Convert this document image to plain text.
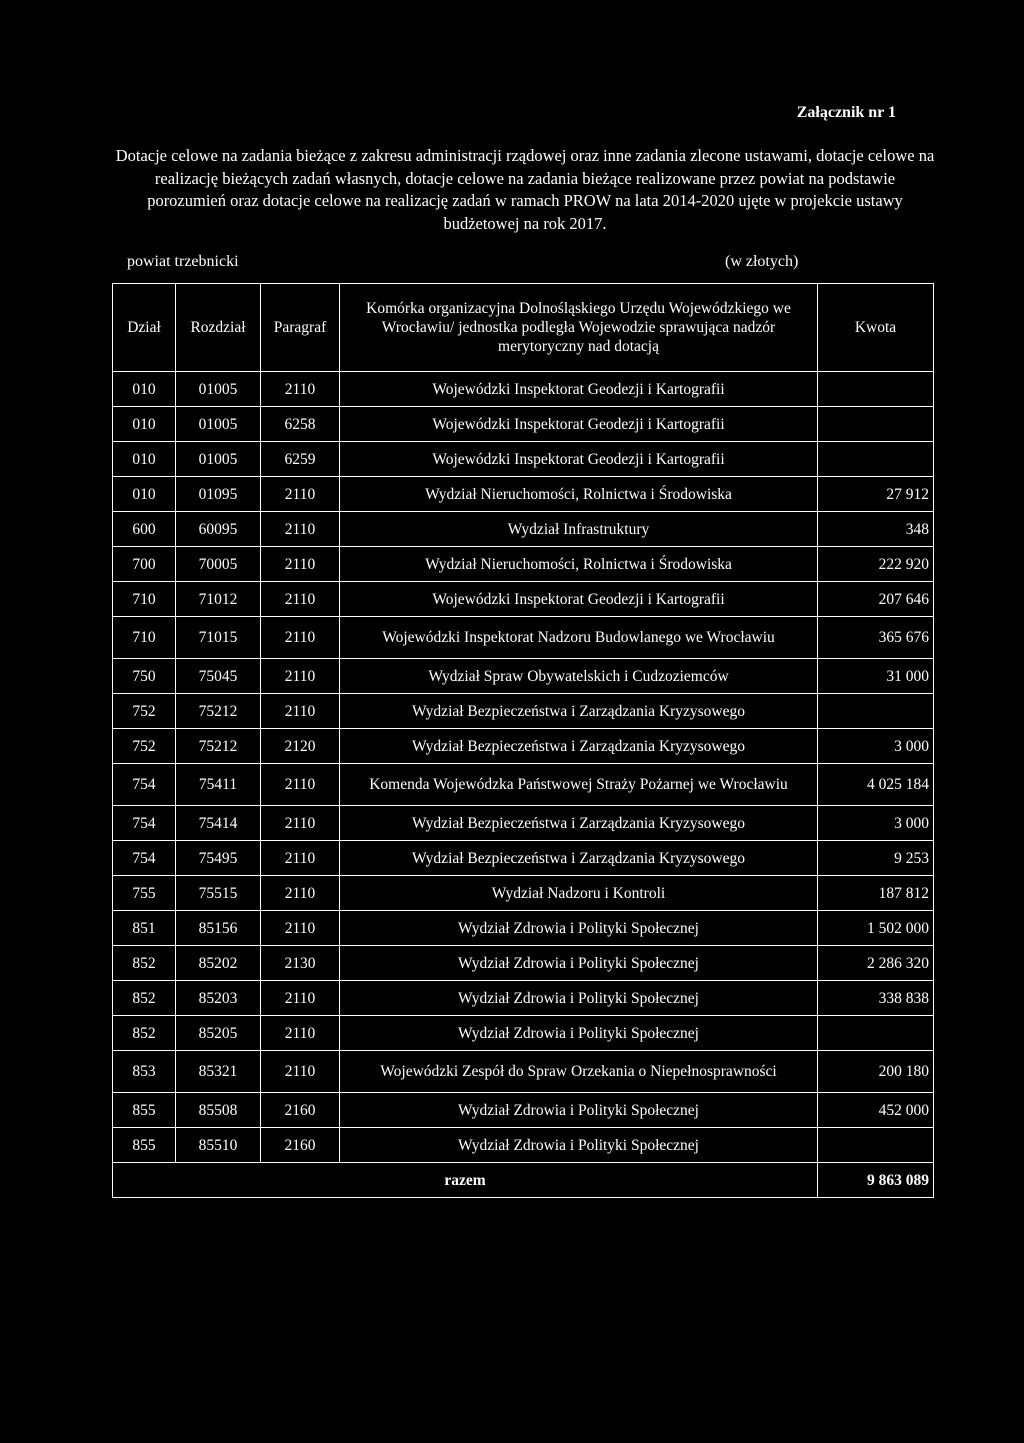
Załącznik nr 1

Dotacje celowe na zadania bieżące z zakresu administracji rządowej oraz inne zadania zlecone ustawami, dotacje celowe na realizację bieżących zadań własnych, dotacje celowe na zadania bieżące realizowane przez powiat na podstawie porozumień oraz dotacje celowe na realizację zadań w ramach PROW na lata 2014-2020 ujęte w projekcie ustawy budżetowej na rok 2017.

powiat trzebnicki	(w złotych)
Dział	Rozdział	Paragraf	Komórka organizacyjna Dolnośląskiego Urzędu Wojewódzkiego we Wrocławiu/ jednostka podległa Wojewodzie sprawująca nadzór merytoryczny nad dotacją	Kwota
010	01005	2110	Wojewódzki Inspektorat Geodezji i Kartografii	
010	01005	6258	Wojewódzki Inspektorat Geodezji i Kartografii	
010	01005	6259	Wojewódzki Inspektorat Geodezji i Kartografii	
010	01095	2110	Wydział Nieruchomości, Rolnictwa i Środowiska	27 912
600	60095	2110	Wydział Infrastruktury	348
700	70005	2110	Wydział Nieruchomości, Rolnictwa i Środowiska	222 920
710	71012	2110	Wojewódzki Inspektorat Geodezji i Kartografii	207 646
710	71015	2110	Wojewódzki Inspektorat Nadzoru Budowlanego we Wrocławiu	365 676
750	75045	2110	Wydział Spraw Obywatelskich i Cudzoziemców	31 000
752	75212	2110	Wydział Bezpieczeństwa i Zarządzania Kryzysowego	
752	75212	2120	Wydział Bezpieczeństwa i Zarządzania Kryzysowego	3 000
754	75411	2110	Komenda Wojewódzka Państwowej Straży Pożarnej we Wrocławiu	4 025 184
754	75414	2110	Wydział Bezpieczeństwa i Zarządzania Kryzysowego	3 000
754	75495	2110	Wydział Bezpieczeństwa i Zarządzania Kryzysowego	9 253
755	75515	2110	Wydział Nadzoru i Kontroli	187 812
851	85156	2110	Wydział Zdrowia i Polityki Społecznej	1 502 000
852	85202	2130	Wydział Zdrowia i Polityki Społecznej	2 286 320
852	85203	2110	Wydział Zdrowia i Polityki Społecznej	338 838
852	85205	2110	Wydział Zdrowia i Polityki Społecznej	
853	85321	2110	Wojewódzki Zespół do Spraw Orzekania o Niepełnosprawności	200 180
855	85508	2160	Wydział Zdrowia i Polityki Społecznej	452 000
855	85510	2160	Wydział Zdrowia i Polityki Społecznej	
razem				9 863 089
